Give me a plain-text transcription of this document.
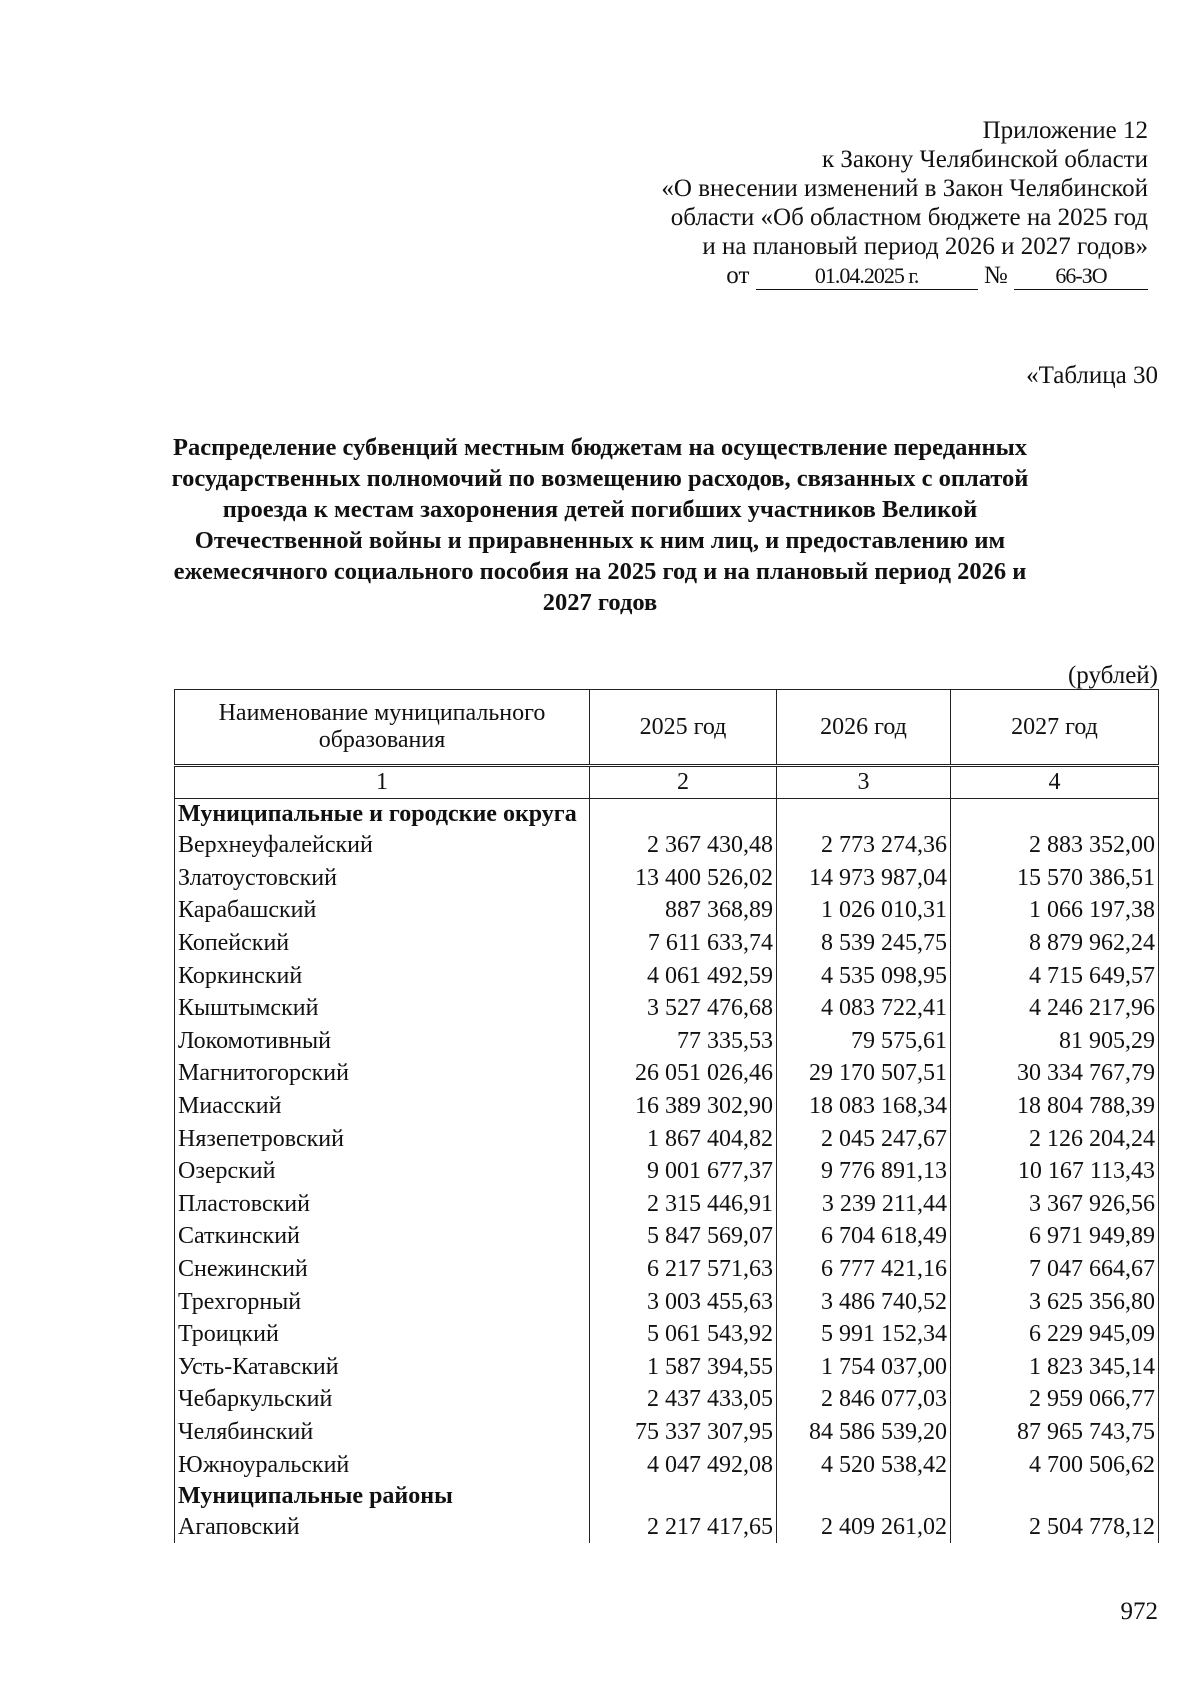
Приложение 12
к Закону Челябинской области
«О внесении изменений в Закон Челябинской
области «Об областном бюджете на 2025 год
и на плановый период 2026 и 2027 годов»
от	01.04.2025 г.	№ 66-ЗО
«Таблица 30
Распределение субвенций местным бюджетам на осуществление переданных государственных полномочий по возмещению расходов, связанных с оплатой проезда к местам захоронения детей погибших участников Великой Отечественной войны и приравненных к ним лиц, и предоставлению им ежемесячного социального пособия на 2025 год и на плановый период 2026 и 2027 годов
(рублей)
Наименование муниципального образования	2025 год	2026 год	2027 год
1	2	3	4
Муниципальные и городские округа			
Верхнеуфалейский	2 367 430,48	2 773 274,36	2 883 352,00
Златоустовский	13 400 526,02	14 973 987,04	15 570 386,51
Карабашский	887 368,89	1 026 010,31	1 066 197,38
Копейский	7 611 633,74	8 539 245,75	8 879 962,24
Коркинский	4 061 492,59	4 535 098,95	4 715 649,57
Кыштымский	3 527 476,68	4 083 722,41	4 246 217,96
Локомотивный	77 335,53	79 575,61	81 905,29
Магнитогорский	26 051 026,46	29 170 507,51	30 334 767,79
Миасский	16 389 302,90	18 083 168,34	18 804 788,39
Нязепетровский	1 867 404,82	2 045 247,67	2 126 204,24
Озерский	9 001 677,37	9 776 891,13	10 167 113,43
Пластовский	2 315 446,91	3 239 211,44	3 367 926,56
Саткинский	5 847 569,07	6 704 618,49	6 971 949,89
Снежинский	6 217 571,63	6 777 421,16	7 047 664,67
Трехгорный	3 003 455,63	3 486 740,52	3 625 356,80
Троицкий	5 061 543,92	5 991 152,34	6 229 945,09
Усть-Катавский	1 587 394,55	1 754 037,00	1 823 345,14
Чебаркульский	2 437 433,05	2 846 077,03	2 959 066,77
Челябинский	75 337 307,95	84 586 539,20	87 965 743,75
Южноуральский	4 047 492,08	4 520 538,42	4 700 506,62
Муниципальные районы			
Агаповский	2 217 417,65	2 409 261,02	2 504 778,12
972
